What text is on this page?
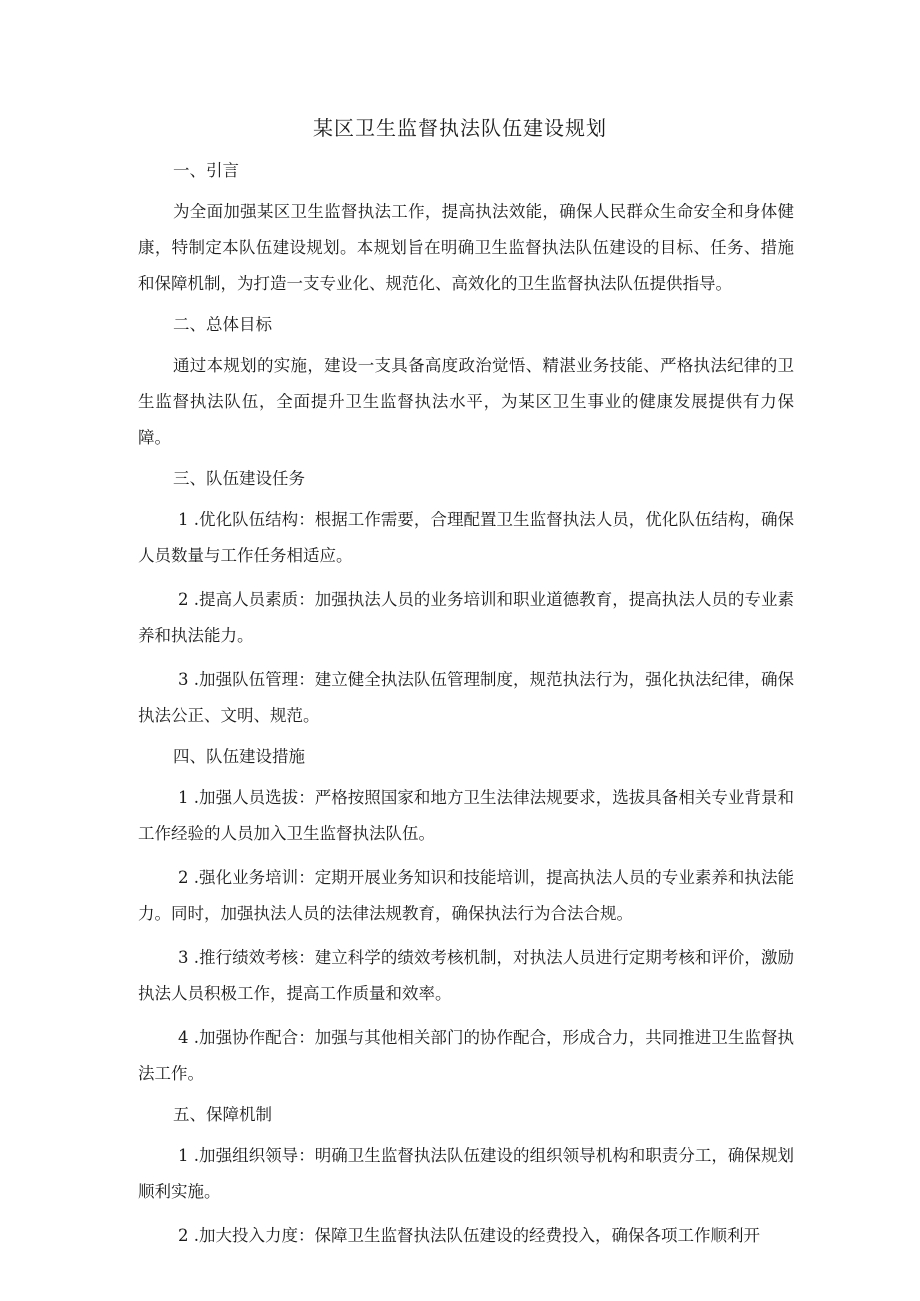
某区卫生监督执法队伍建设规划
一、引言

为全面加强某区卫生监督执法工作，提高执法效能，确保人民群众生命安全和身体健康，特制定本队伍建设规划。本规划旨在明确卫生监督执法队伍建设的目标、任务、措施和保障机制，为打造一支专业化、规范化、高效化的卫生监督执法队伍提供指导。

二、总体目标

通过本规划的实施，建设一支具备高度政治觉悟、精湛业务技能、严格执法纪律的卫生监督执法队伍，全面提升卫生监督执法水平，为某区卫生事业的健康发展提供有力保障。

三、队伍建设任务

1 .优化队伍结构：根据工作需要，合理配置卫生监督执法人员，优化队伍结构，确保人员数量与工作任务相适应。

2 .提高人员素质：加强执法人员的业务培训和职业道德教育，提高执法人员的专业素养和执法能力。

3 .加强队伍管理：建立健全执法队伍管理制度，规范执法行为，强化执法纪律，确保执法公正、文明、规范。

四、队伍建设措施

1 .加强人员选拔：严格按照国家和地方卫生法律法规要求，选拔具备相关专业背景和工作经验的人员加入卫生监督执法队伍。

2 .强化业务培训：定期开展业务知识和技能培训，提高执法人员的专业素养和执法能力。同时，加强执法人员的法律法规教育，确保执法行为合法合规。

3 .推行绩效考核：建立科学的绩效考核机制，对执法人员进行定期考核和评价，激励执法人员积极工作，提高工作质量和效率。

4 .加强协作配合：加强与其他相关部门的协作配合，形成合力，共同推进卫生监督执法工作。

五、保障机制

1 .加强组织领导：明确卫生监督执法队伍建设的组织领导机构和职责分工，确保规划顺利实施。

2 .加大投入力度：保障卫生监督执法队伍建设的经费投入，确保各项工作顺利开
